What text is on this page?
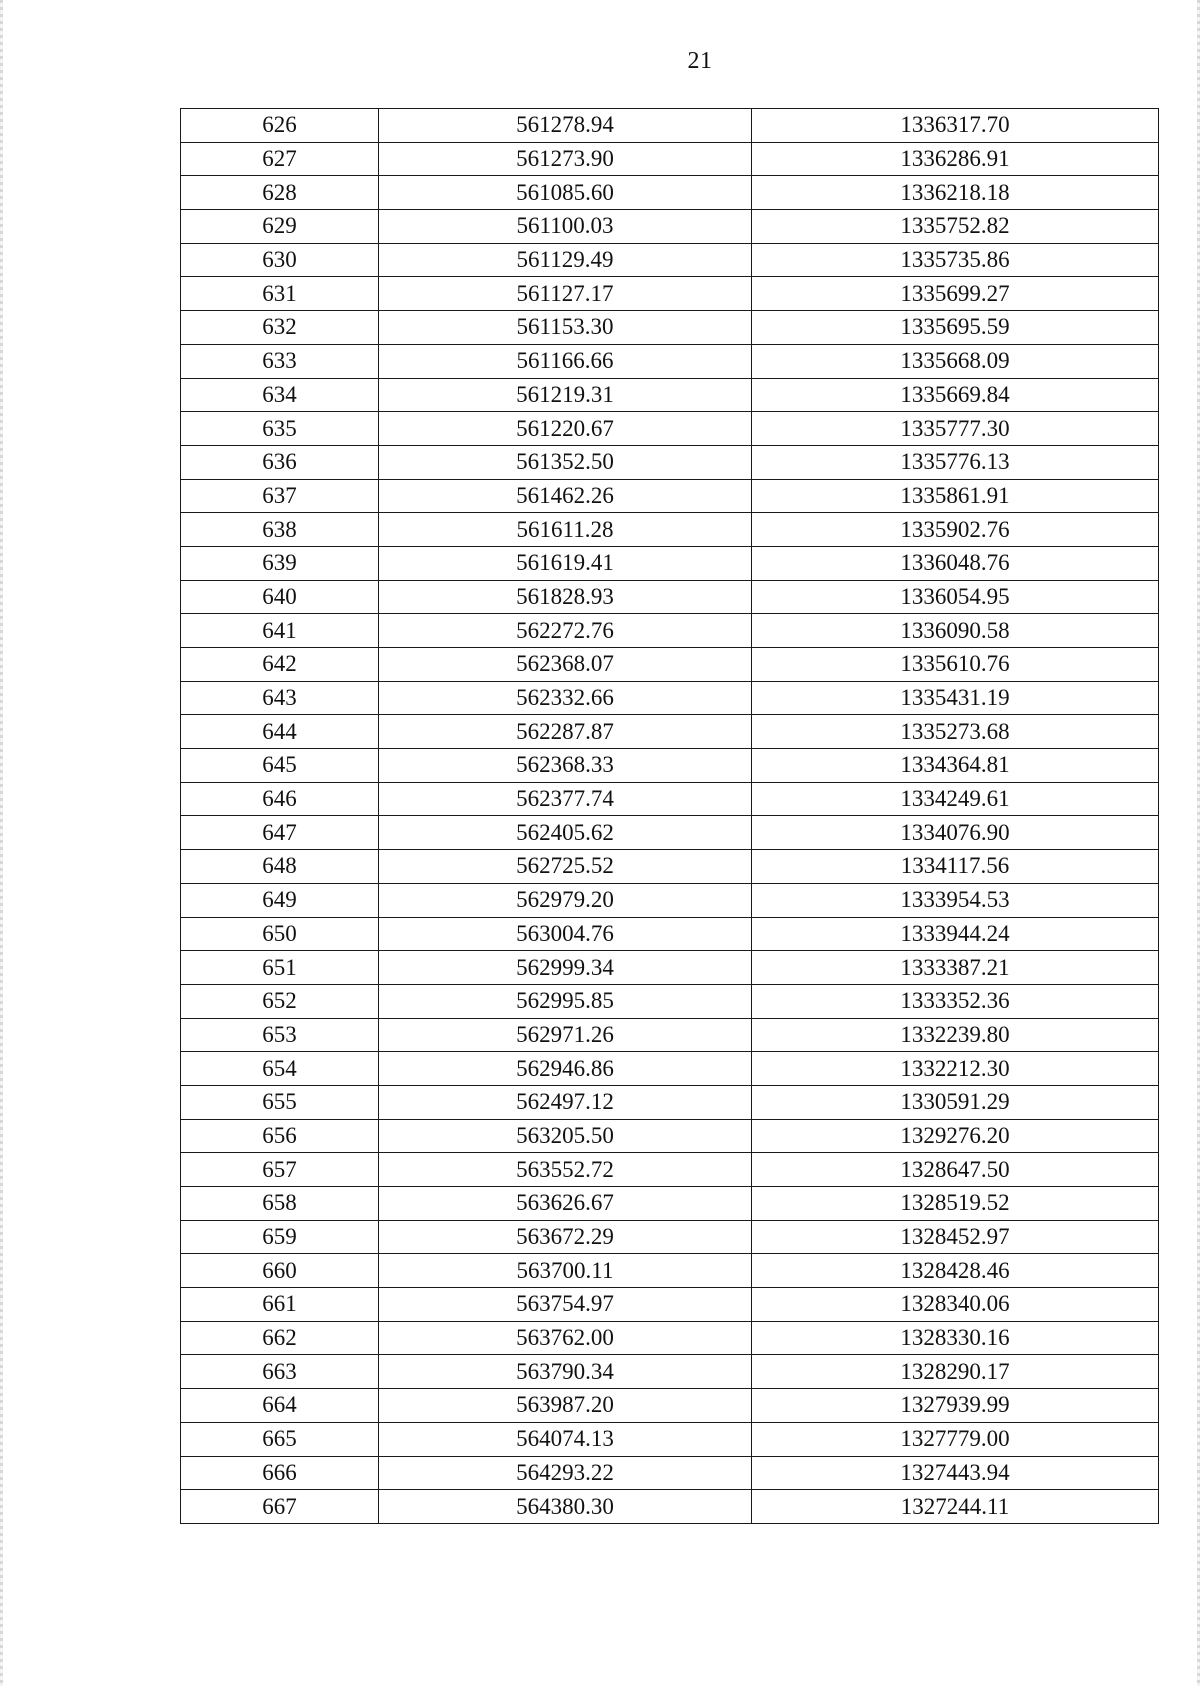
21
626	561278.94	1336317.70
627	561273.90	1336286.91
628	561085.60	1336218.18
629	561100.03	1335752.82
630	561129.49	1335735.86
631	561127.17	1335699.27
632	561153.30	1335695.59
633	561166.66	1335668.09
634	561219.31	1335669.84
635	561220.67	1335777.30
636	561352.50	1335776.13
637	561462.26	1335861.91
638	561611.28	1335902.76
639	561619.41	1336048.76
640	561828.93	1336054.95
641	562272.76	1336090.58
642	562368.07	1335610.76
643	562332.66	1335431.19
644	562287.87	1335273.68
645	562368.33	1334364.81
646	562377.74	1334249.61
647	562405.62	1334076.90
648	562725.52	1334117.56
649	562979.20	1333954.53
650	563004.76	1333944.24
651	562999.34	1333387.21
652	562995.85	1333352.36
653	562971.26	1332239.80
654	562946.86	1332212.30
655	562497.12	1330591.29
656	563205.50	1329276.20
657	563552.72	1328647.50
658	563626.67	1328519.52
659	563672.29	1328452.97
660	563700.11	1328428.46
661	563754.97	1328340.06
662	563762.00	1328330.16
663	563790.34	1328290.17
664	563987.20	1327939.99
665	564074.13	1327779.00
666	564293.22	1327443.94
667	564380.30	1327244.11
